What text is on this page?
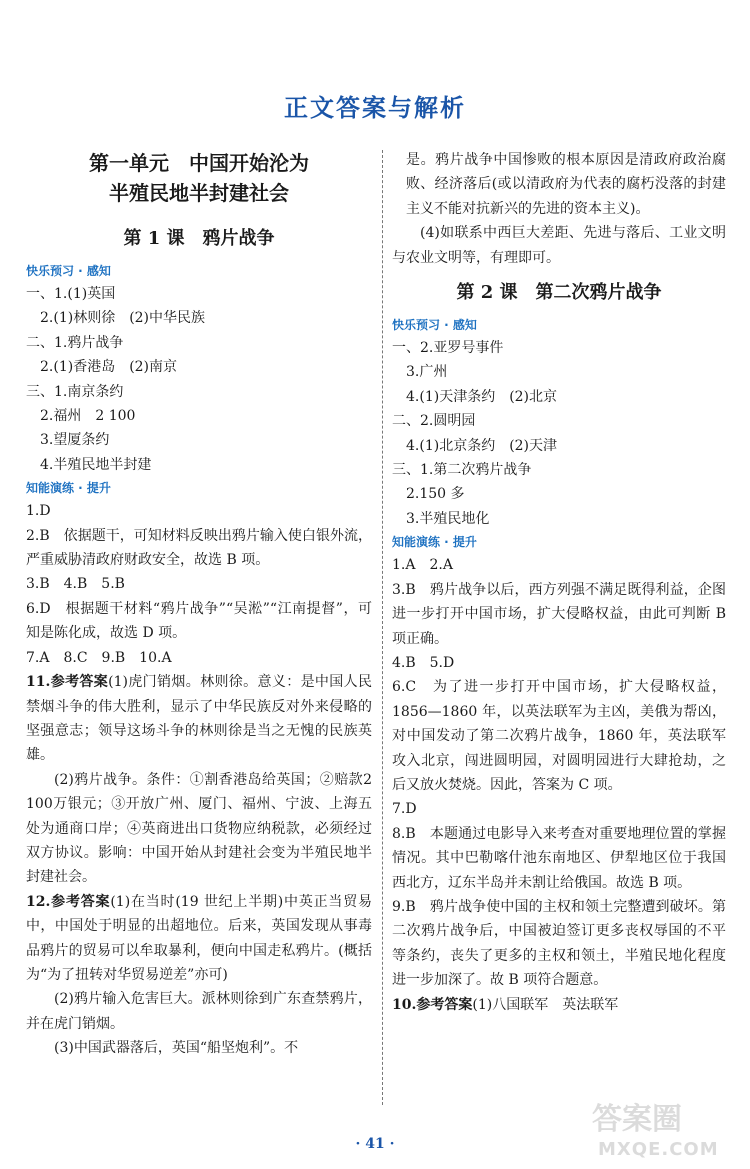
正文答案与解析
第一单元　中国开始沦为
半殖民地半封建社会
第 1 课　鸦片战争
快乐预习 · 感知
一、1.(1)英国
2.(1)林则徐　(2)中华民族
二、1.鸦片战争
2.(1)香港岛　(2)南京
三、1.南京条约
2.福州　2 100
3.望厦条约
4.半殖民地半封建
知能演练 · 提升
1.D
2.B　依据题干，可知材料反映出鸦片输入使白银外流，严重威胁清政府财政安全，故选 B 项。
3.B　4.B　5.B
6.D　根据题干材料“鸦片战争”“吴淞”“江南提督”，可知是陈化成，故选 D 项。
7.A　8.C　9.B　10.A
11.参考答案(1)虎门销烟。林则徐。意义：是中国人民禁烟斗争的伟大胜利，显示了中华民族反对外来侵略的坚强意志；领导这场斗争的林则徐是当之无愧的民族英雄。
(2)鸦片战争。条件：①割香港岛给英国；②赔款2 100万银元；③开放广州、厦门、福州、宁波、上海五处为通商口岸；④英商进出口货物应纳税款，必须经过双方协议。影响：中国开始从封建社会变为半殖民地半封建社会。
12.参考答案(1)在当时(19 世纪上半期)中英正当贸易中，中国处于明显的出超地位。后来，英国发现从事毒品鸦片的贸易可以牟取暴利，便向中国走私鸦片。(概括为“为了扭转对华贸易逆差”亦可)
(2)鸦片输入危害巨大。派林则徐到广东查禁鸦片，并在虎门销烟。
(3)中国武器落后，英国“船坚炮利”。不
是。鸦片战争中国惨败的根本原因是清政府政治腐败、经济落后(或以清政府为代表的腐朽没落的封建主义不能对抗新兴的先进的资本主义)。
(4)如联系中西巨大差距、先进与落后、工业文明与农业文明等，有理即可。
第 2 课　第二次鸦片战争
快乐预习 · 感知
一、2.亚罗号事件
3.广州
4.(1)天津条约　(2)北京
二、2.圆明园
4.(1)北京条约　(2)天津
三、1.第二次鸦片战争
2.150 多
3.半殖民地化
知能演练 · 提升
1.A　2.A
3.B　鸦片战争以后，西方列强不满足既得利益，企图进一步打开中国市场，扩大侵略权益，由此可判断 B 项正确。
4.B　5.D
6.C　为了进一步打开中国市场，扩大侵略权益，1856—1860 年，以英法联军为主凶，美俄为帮凶，对中国发动了第二次鸦片战争，1860 年，英法联军攻入北京，闯进圆明园，对圆明园进行大肆抢劫，之后又放火焚烧。因此，答案为 C 项。
7.D
8.B　本题通过电影导入来考查对重要地理位置的掌握情况。其中巴勒喀什池东南地区、伊犁地区位于我国西北方，辽东半岛并未割让给俄国。故选 B 项。
9.B　鸦片战争使中国的主权和领土完整遭到破坏。第二次鸦片战争后，中国被迫签订更多丧权辱国的不平等条约，丧失了更多的主权和领土，半殖民地化程度进一步加深了。故 B 项符合题意。
10.参考答案(1)八国联军　英法联军
· 41 ·
答案圈
MXQE.COM
